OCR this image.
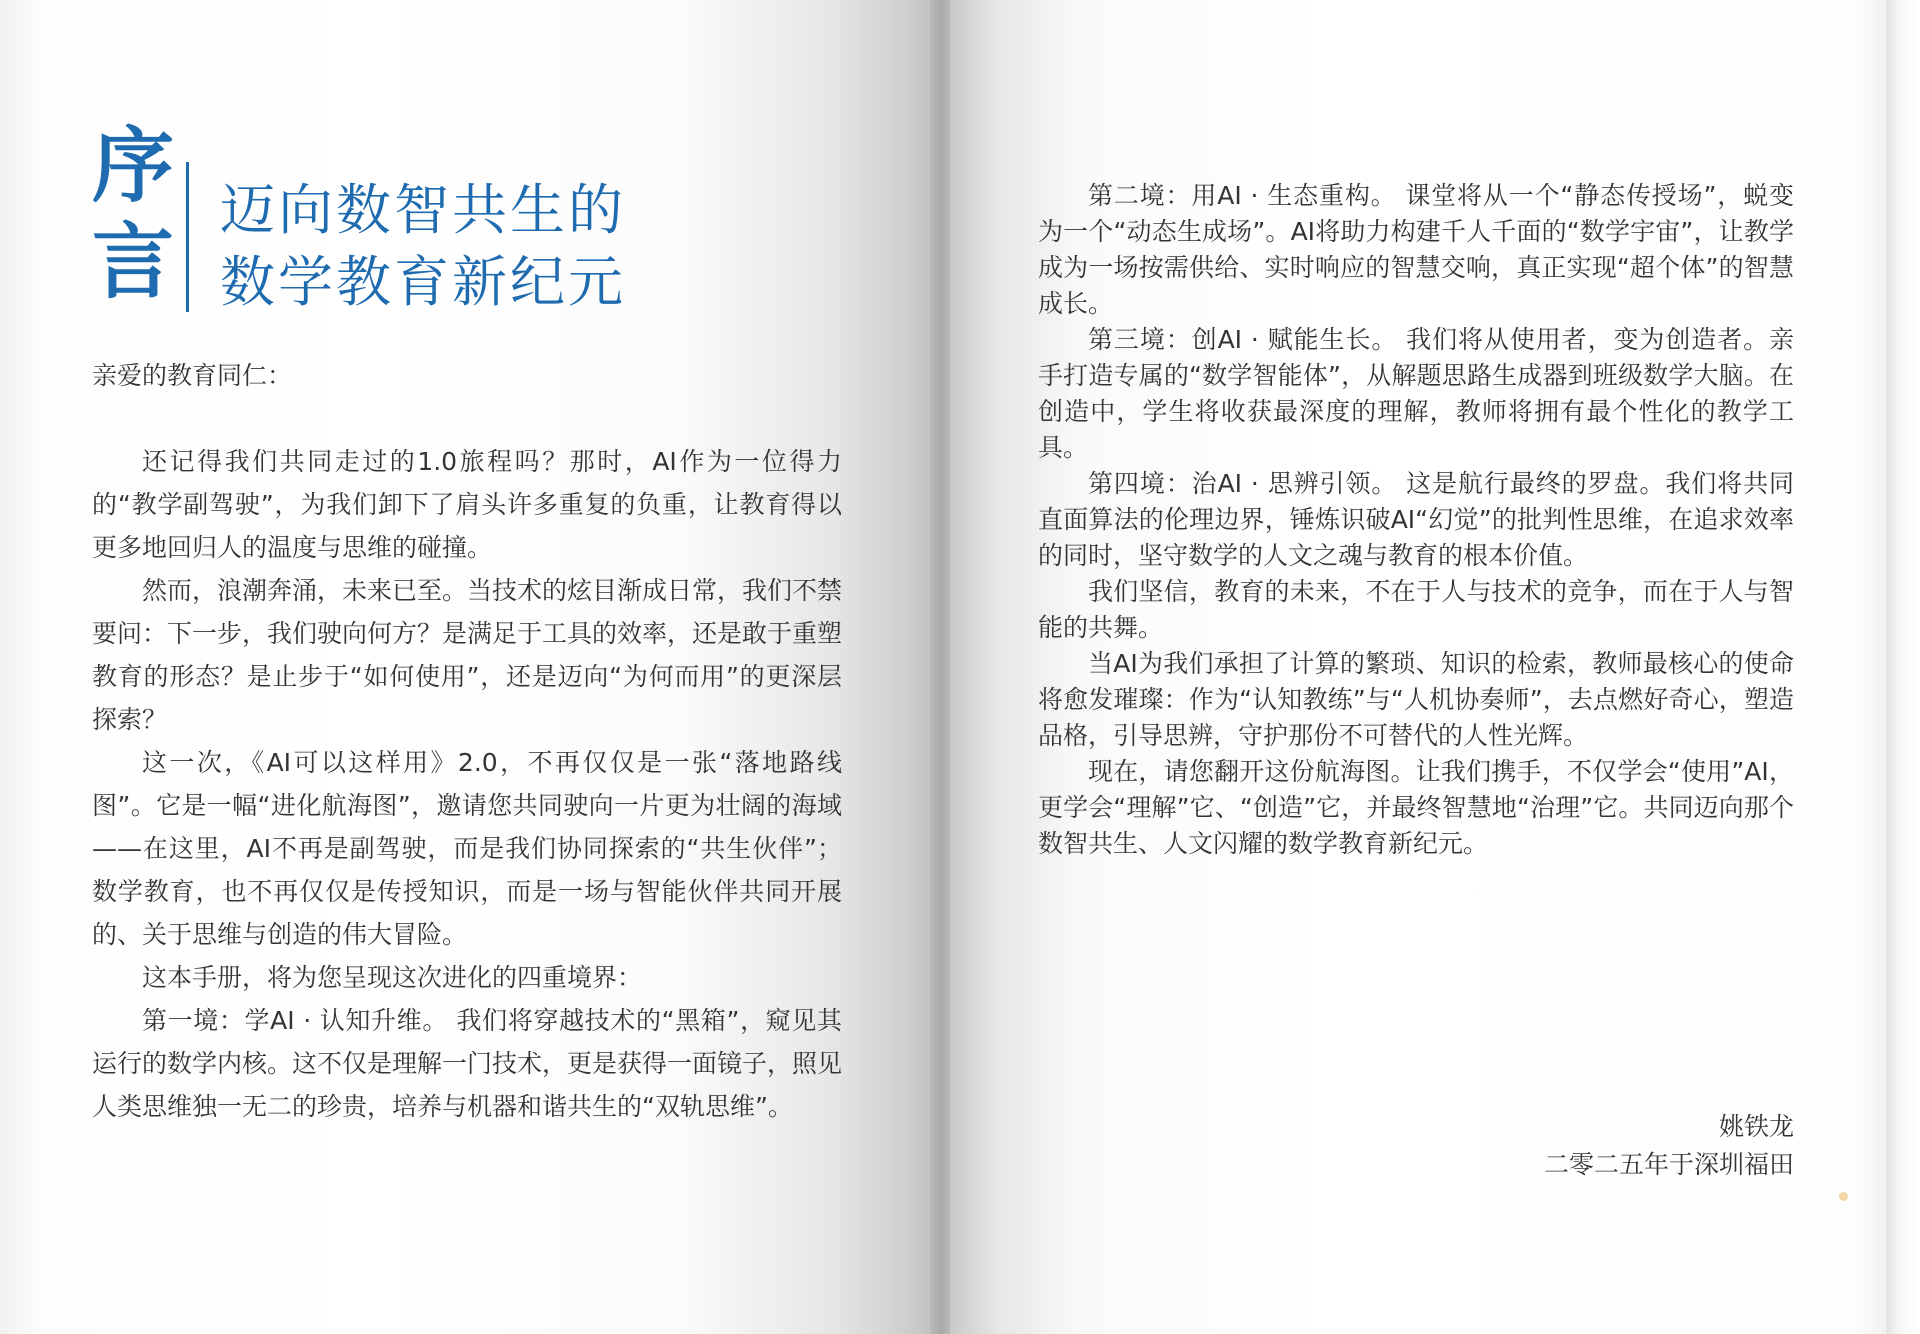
序
言
迈向数智共生的
数学教育新纪元

亲爱的教育同仁：

还记得我们共同走过的1.0旅程吗？那时，AI作为一位得力的“教学副驾驶”，为我们卸下了肩头许多重复的负重，让教育得以更多地回归人的温度与思维的碰撞。

然而，浪潮奔涌，未来已至。当技术的炫目渐成日常，我们不禁要问：下一步，我们驶向何方？是满足于工具的效率，还是敢于重塑教育的形态？是止步于“如何使用”，还是迈向“为何而用”的更深层探索？

这一次，《AI可以这样用》2.0，不再仅仅是一张“落地路线图”。它是一幅“进化航海图”，邀请您共同驶向一片更为壮阔的海域——在这里，AI不再是副驾驶，而是我们协同探索的“共生伙伴”；数学教育，也不再仅仅是传授知识，而是一场与智能伙伴共同开展的、关于思维与创造的伟大冒险。

这本手册，将为您呈现这次进化的四重境界：

第一境：学AI · 认知升维。 我们将穿越技术的“黑箱”，窥见其运行的数学内核。这不仅是理解一门技术，更是获得一面镜子，照见人类思维独一无二的珍贵，培养与机器和谐共生的“双轨思维”。

第二境：用AI · 生态重构。 课堂将从一个“静态传授场”，蜕变为一个“动态生成场”。AI将助力构建千人千面的“数学宇宙”，让教学成为一场按需供给、实时响应的智慧交响，真正实现“超个体”的智慧成长。

第三境：创AI · 赋能生长。 我们将从使用者，变为创造者。亲手打造专属的“数学智能体”，从解题思路生成器到班级数学大脑。在创造中，学生将收获最深度的理解，教师将拥有最个性化的教学工具。

第四境：治AI · 思辨引领。 这是航行最终的罗盘。我们将共同直面算法的伦理边界，锤炼识破AI“幻觉”的批判性思维，在追求效率的同时，坚守数学的人文之魂与教育的根本价值。

我们坚信，教育的未来，不在于人与技术的竞争，而在于人与智能的共舞。

当AI为我们承担了计算的繁琐、知识的检索，教师最核心的使命将愈发璀璨：作为“认知教练”与“人机协奏师”，去点燃好奇心，塑造品格，引导思辨，守护那份不可替代的人性光辉。

现在，请您翻开这份航海图。让我们携手，不仅学会“使用”AI，更学会“理解”它、“创造”它，并最终智慧地“治理”它。共同迈向那个数智共生、人文闪耀的数学教育新纪元。

姚铁龙
二零二五年于深圳福田
